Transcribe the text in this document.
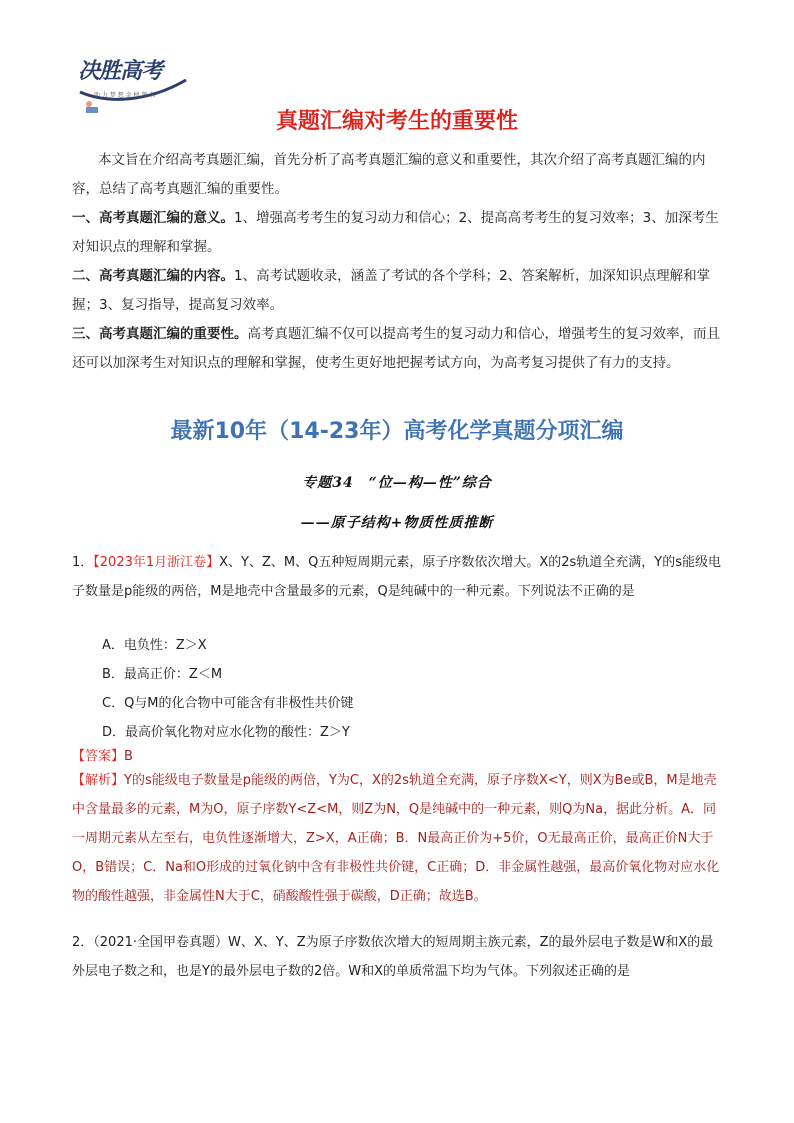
决胜高考
助 力 梦 想 金 榜 题 名
真题汇编对考生的重要性
本文旨在介绍高考真题汇编，首先分析了高考真题汇编的意义和重要性，其次介绍了高考真题汇编的内容，总结了高考真题汇编的重要性。
一、高考真题汇编的意义。1、增强高考考生的复习动力和信心；2、提高高考考生的复习效率；3、加深考生对知识点的理解和掌握。
二、高考真题汇编的内容。1、高考试题收录，涵盖了考试的各个学科；2、答案解析，加深知识点理解和掌握；3、复习指导，提高复习效率。
三、高考真题汇编的重要性。高考真题汇编不仅可以提高考生的复习动力和信心，增强考生的复习效率，而且还可以加深考生对知识点的理解和掌握，使考生更好地把握考试方向，为高考复习提供了有力的支持。
最新10年（14-23年）高考化学真题分项汇编
专题34　“位—构—性”综合
——原子结构+物质性质推断
1．【2023年1月浙江卷】X、Y、Z、M、Q五种短周期元素，原子序数依次增大。X的2s轨道全充满，Y的s能级电子数量是p能级的两倍，M是地壳中含量最多的元素，Q是纯碱中的一种元素。下列说法不正确的是
A．电负性：Z＞X
B．最高正价：Z＜M
C．Q与M的化合物中可能含有非极性共价键
D．最高价氧化物对应水化物的酸性：Z＞Y
【答案】B
【解析】Y的s能级电子数量是p能级的两倍，Y为C，X的2s轨道全充满，原子序数X<Y，则X为Be或B，M是地壳中含量最多的元素，M为O，原子序数Y<Z<M，则Z为N，Q是纯碱中的一种元素，则Q为Na，据此分析。A．同一周期元素从左至右，电负性逐渐增大，Z>X，A正确；B．N最高正价为+5价，O无最高正价，最高正价N大于O，B错误；C．Na和O形成的过氧化钠中含有非极性共价键，C正确；D．非金属性越强，最高价氧化物对应水化物的酸性越强，非金属性N大于C，硝酸酸性强于碳酸，D正确；故选B。
2．（2021·全国甲卷真题）W、X、Y、Z为原子序数依次增大的短周期主族元素，Z的最外层电子数是W和X的最外层电子数之和，也是Y的最外层电子数的2倍。W和X的单质常温下均为气体。下列叙述正确的是
